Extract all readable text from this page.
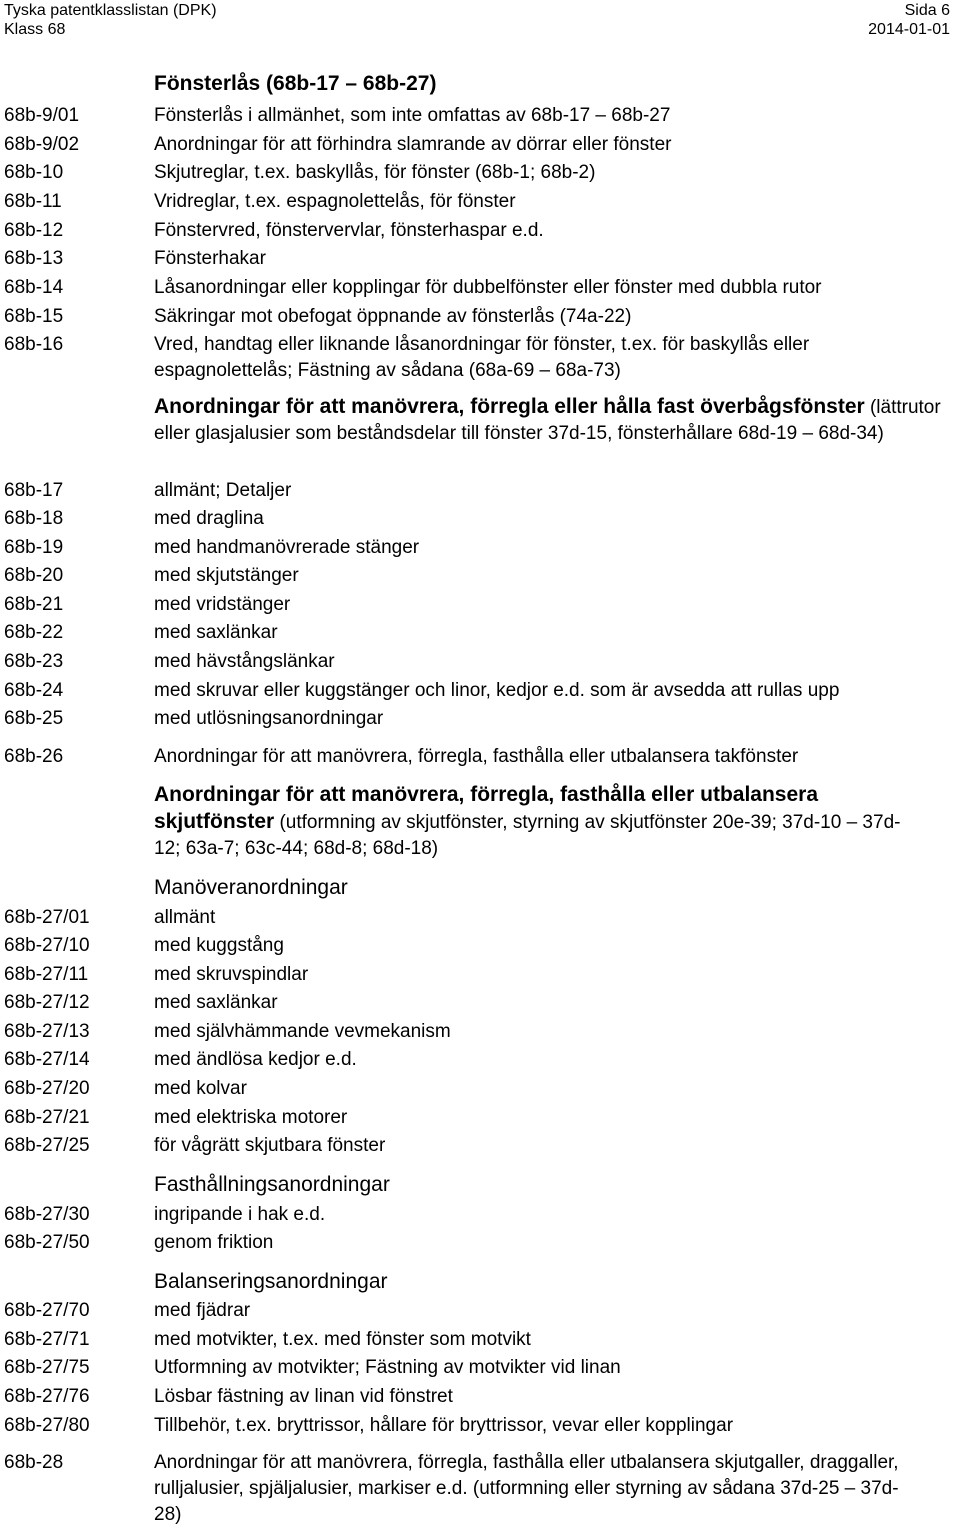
Tyska patentklasslistan (DPK)	Sida 6
Klass 68	2014-01-01
Fönsterlås (68b-17 – 68b-27)
68b-9/01	Fönsterlås i allmänhet, som inte omfattas av 68b-17 – 68b-27
68b-9/02	Anordningar för att förhindra slamrande av dörrar eller fönster
68b-10	Skjutreglar, t.ex. baskyllås, för fönster (68b-1; 68b-2)
68b-11	Vridreglar, t.ex. espagnolettelås, för fönster
68b-12	Fönstervred, fönstervervlar, fönsterhaspar e.d.
68b-13	Fönsterhakar
68b-14	Låsanordningar eller kopplingar för dubbelfönster eller fönster med dubbla rutor
68b-15	Säkringar mot obefogat öppnande av fönsterlås (74a-22)
68b-16	Vred, handtag eller liknande låsanordningar för fönster, t.ex. för baskyllås eller espagnolettelås; Fästning av sådana (68a-69 – 68a-73)
Anordningar för att manövrera, förregla eller hålla fast överbågsfönster (lättrutor eller glasjalusier som beståndsdelar till fönster 37d-15, fönsterhållare 68d-19 – 68d-34)
68b-17	allmänt; Detaljer
68b-18	med draglina
68b-19	med handmanövrerade stänger
68b-20	med skjutstänger
68b-21	med vridstänger
68b-22	med saxlänkar
68b-23	med hävstångslänkar
68b-24	med skruvar eller kuggstänger och linor, kedjor e.d. som är avsedda att rullas upp
68b-25	med utlösningsanordningar
68b-26	Anordningar för att manövrera, förregla, fasthålla eller utbalansera takfönster
Anordningar för att manövrera, förregla, fasthålla eller utbalansera skjutfönster (utformning av skjutfönster, styrning av skjutfönster 20e-39; 37d-10 – 37d-12; 63a-7; 63c-44; 68d-8; 68d-18)
Manöveranordningar
68b-27/01	allmänt
68b-27/10	med kuggstång
68b-27/11	med skruvspindlar
68b-27/12	med saxlänkar
68b-27/13	med självhämmande vevmekanism
68b-27/14	med ändlösa kedjor e.d.
68b-27/20	med kolvar
68b-27/21	med elektriska motorer
68b-27/25	för vågrätt skjutbara fönster
Fasthållningsanordningar
68b-27/30	ingripande i hak e.d.
68b-27/50	genom friktion
Balanseringsanordningar
68b-27/70	med fjädrar
68b-27/71	med motvikter, t.ex. med fönster som motvikt
68b-27/75	Utformning av motvikter; Fästning av motvikter vid linan
68b-27/76	Lösbar fästning av linan vid fönstret
68b-27/80	Tillbehör, t.ex. bryttrissor, hållare för bryttrissor, vevar eller kopplingar
68b-28	Anordningar för att manövrera, förregla, fasthålla eller utbalansera skjutgaller, draggaller, rulljalusier, spjäljalusier, markiser e.d. (utformning eller styrning av sådana 37d-25 – 37d-28)
